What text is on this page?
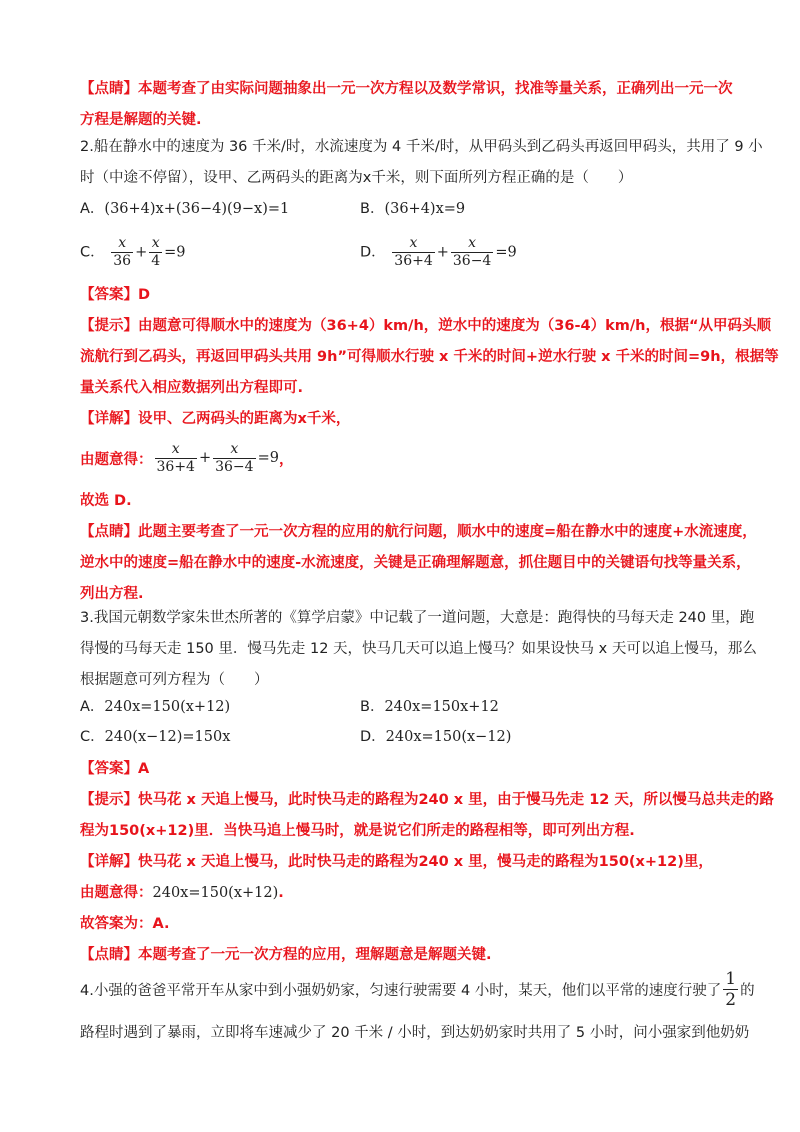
【点睛】本题考查了由实际问题抽象出一元一次方程以及数学常识，找准等量关系，正确列出一元一次
方程是解题的关键.
2.船在静水中的速度为 36 千米/时，水流速度为 4 千米/时，从甲码头到乙码头再返回甲码头，共用了 9 小
时（中途不停留），设甲、乙两码头的距离为x千米，则下面所列方程正确的是（　　）
A．(36+4)x+(36−4)(9−x)=1	B．(36+4)x=9
C． $\frac{x}{36} + \frac{x}{4} =9$	D． $\frac{x}{36+4} + \frac{x}{36-4} =9$
【答案】D
【提示】由题意可得顺水中的速度为（36+4）km/h，逆水中的速度为（36-4）km/h，根据“从甲码头顺
流航行到乙码头，再返回甲码头共用 9h”可得顺水行驶 x 千米的时间+逆水行驶 x 千米的时间=9h，根据等
量关系代入相应数据列出方程即可.
【详解】设甲、乙两码头的距离为x千米，
由题意得： $\frac{x}{36+4} + \frac{x}{36-4} =9$ ，
故选 D.
【点睛】此题主要考查了一元一次方程的应用的航行问题，顺水中的速度=船在静水中的速度+水流速度，
逆水中的速度=船在静水中的速度-水流速度，关键是正确理解题意，抓住题目中的关键语句找等量关系，
列出方程.
3.我国元朝数学家朱世杰所著的《算学启蒙》中记载了一道问题，大意是：跑得快的马每天走 240 里，跑
得慢的马每天走 150 里．慢马先走 12 天，快马几天可以追上慢马？如果设快马 x 天可以追上慢马，那么
根据题意可列方程为（　　）
A．240x=150(x+12)	B．240x=150x+12
C．240(x−12)=150x	D．240x=150(x−12)
【答案】A
【提示】快马花 x 天追上慢马，此时快马走的路程为240 x 里，由于慢马先走 12 天，所以慢马总共走的路
程为150(x+12)里．当快马追上慢马时，就是说它们所走的路程相等，即可列出方程.
【详解】快马花 x 天追上慢马，此时快马走的路程为240 x 里，慢马走的路程为150(x+12)里，
由题意得：240x=150(x+12).
故答案为：A.
【点睛】本题考查了一元一次方程的应用，理解题意是解题关键.
4.小强的爸爸平常开车从家中到小强奶奶家，匀速行驶需要 4 小时，某天，他们以平常的速度行驶了 $\frac{1}{2}$ 的
路程时遇到了暴雨，立即将车速减少了 20 千米 / 小时，到达奶奶家时共用了 5 小时，问小强家到他奶奶
